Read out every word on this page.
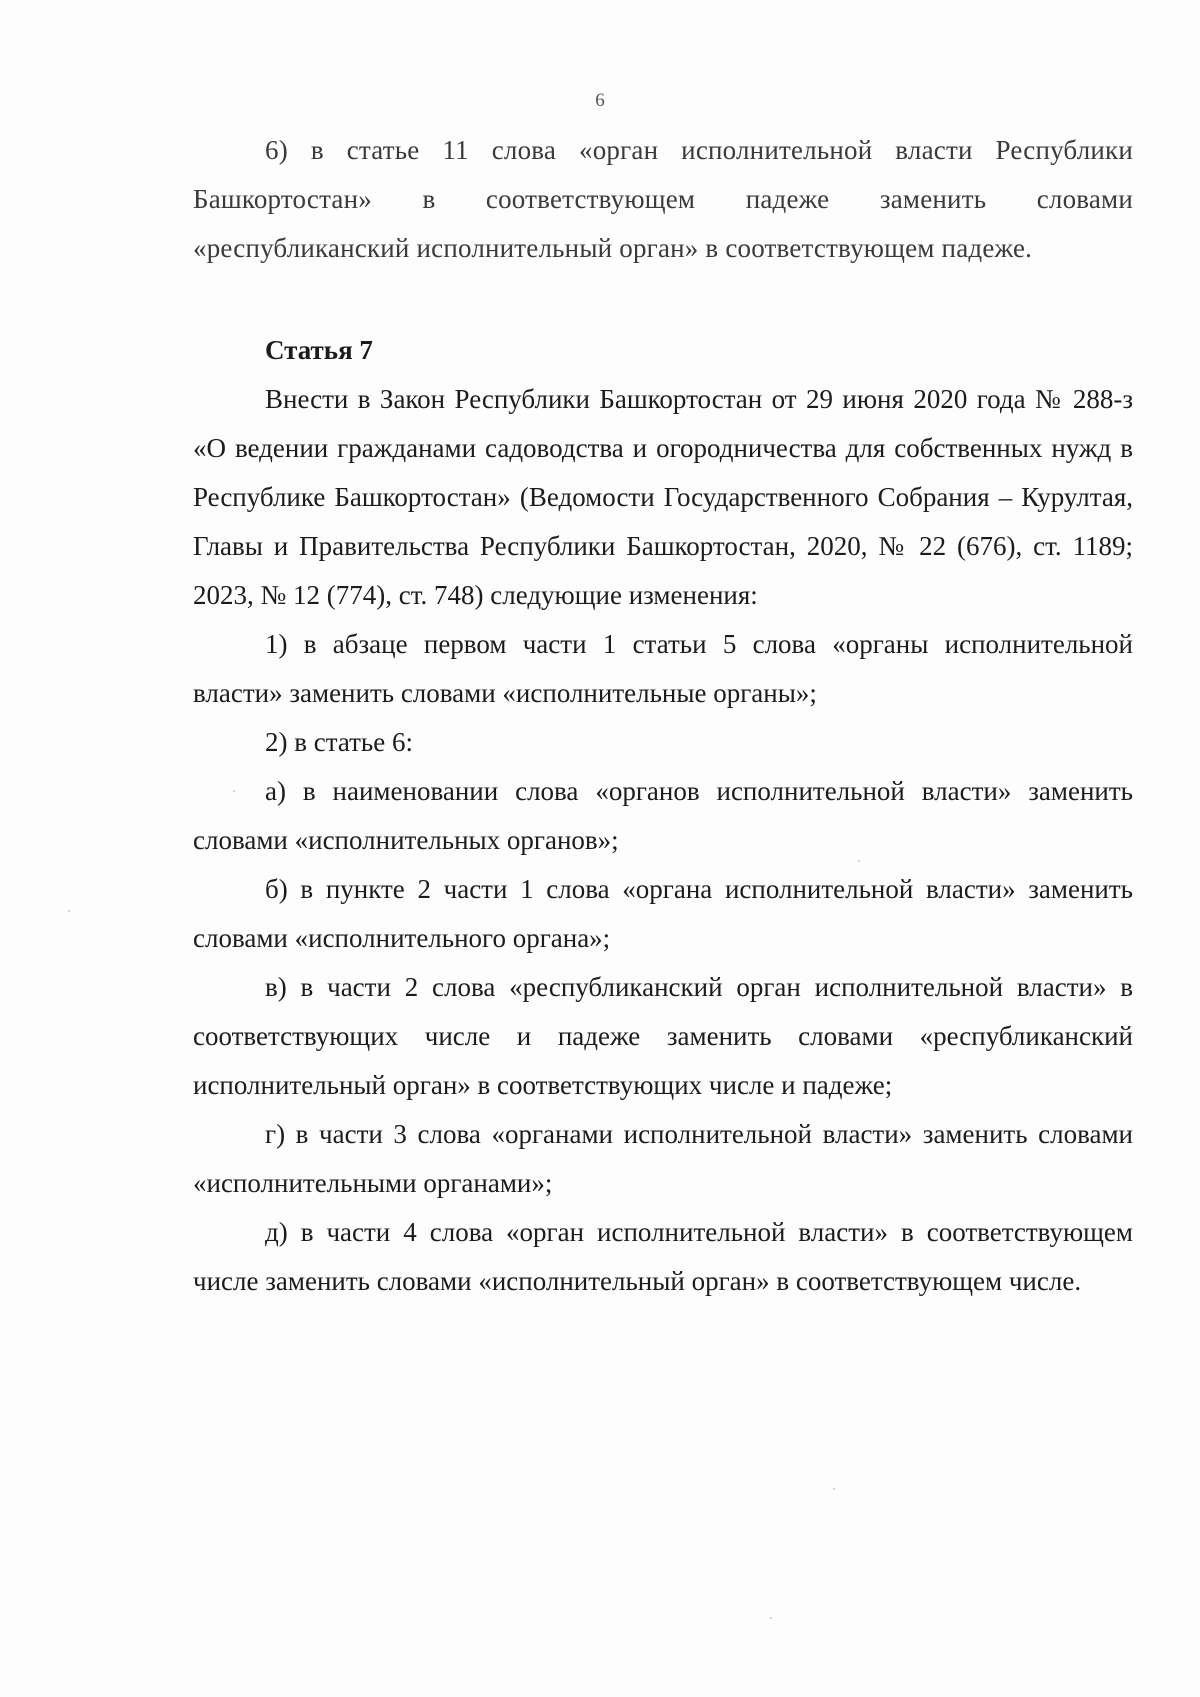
6

6) в статье 11 слова «орган исполнительной власти Республики Башкортостан» в соответствующем падеже заменить словами «республиканский исполнительный орган» в соответствующем падеже.

Статья 7

Внести в Закон Республики Башкортостан от 29 июня 2020 года № 288-з «О ведении гражданами садоводства и огородничества для собственных нужд в Республике Башкортостан» (Ведомости Государственного Собрания – Курултая, Главы и Правительства Республики Башкортостан, 2020, № 22 (676), ст. 1189; 2023, № 12 (774), ст. 748) следующие изменения:

1) в абзаце первом части 1 статьи 5 слова «органы исполнительной власти» заменить словами «исполнительные органы»;

2) в статье 6:

а) в наименовании слова «органов исполнительной власти» заменить словами «исполнительных органов»;

б) в пункте 2 части 1 слова «органа исполнительной власти» заменить словами «исполнительного органа»;

в) в части 2 слова «республиканский орган исполнительной власти» в соответствующих числе и падеже заменить словами «республиканский исполнительный орган» в соответствующих числе и падеже;

г) в части 3 слова «органами исполнительной власти» заменить словами «исполнительными органами»;

д) в части 4 слова «орган исполнительной власти» в соответствующем числе заменить словами «исполнительный орган» в соответствующем числе.
